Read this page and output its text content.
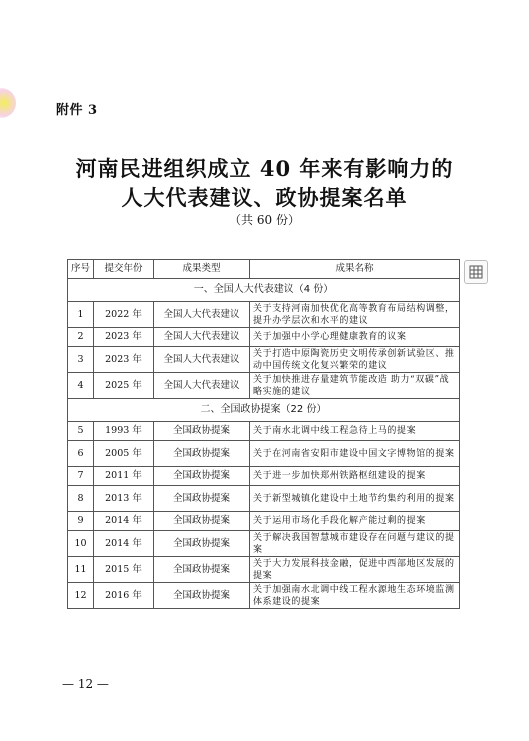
附件 3
河南民进组织成立 40 年来有影响力的
人大代表建议、政协提案名单
（共 60 份）
序号	提交年份	成果类型	成果名称
一、全国人大代表建议（4 份）			
1	2022 年	全国人大代表建议	关于支持河南加快优化高等教育布局结构调整，提升办学层次和水平的建议
2	2023 年	全国人大代表建议	关于加强中小学心理健康教育的议案
3	2023 年	全国人大代表建议	关于打造中原陶瓷历史文明传承创新试验区、推动中国传统文化复兴繁荣的建议
4	2025 年	全国人大代表建议	关于加快推进存量建筑节能改造 助力“双碳”战略实施的建议
二、全国政协提案（22 份）			
5	1993 年	全国政协提案	关于南水北调中线工程急待上马的提案
6	2005 年	全国政协提案	关于在河南省安阳市建设中国文字博物馆的提案
7	2011 年	全国政协提案	关于进一步加快郑州铁路枢纽建设的提案
8	2013 年	全国政协提案	关于新型城镇化建设中土地节约集约利用的提案
9	2014 年	全国政协提案	关于运用市场化手段化解产能过剩的提案
10	2014 年	全国政协提案	关于解决我国智慧城市建设存在问题与建议的提案
11	2015 年	全国政协提案	关于大力发展科技金融，促进中西部地区发展的提案
12	2016 年	全国政协提案	关于加强南水北调中线工程水源地生态环境监测体系建设的提案
— 12 —
